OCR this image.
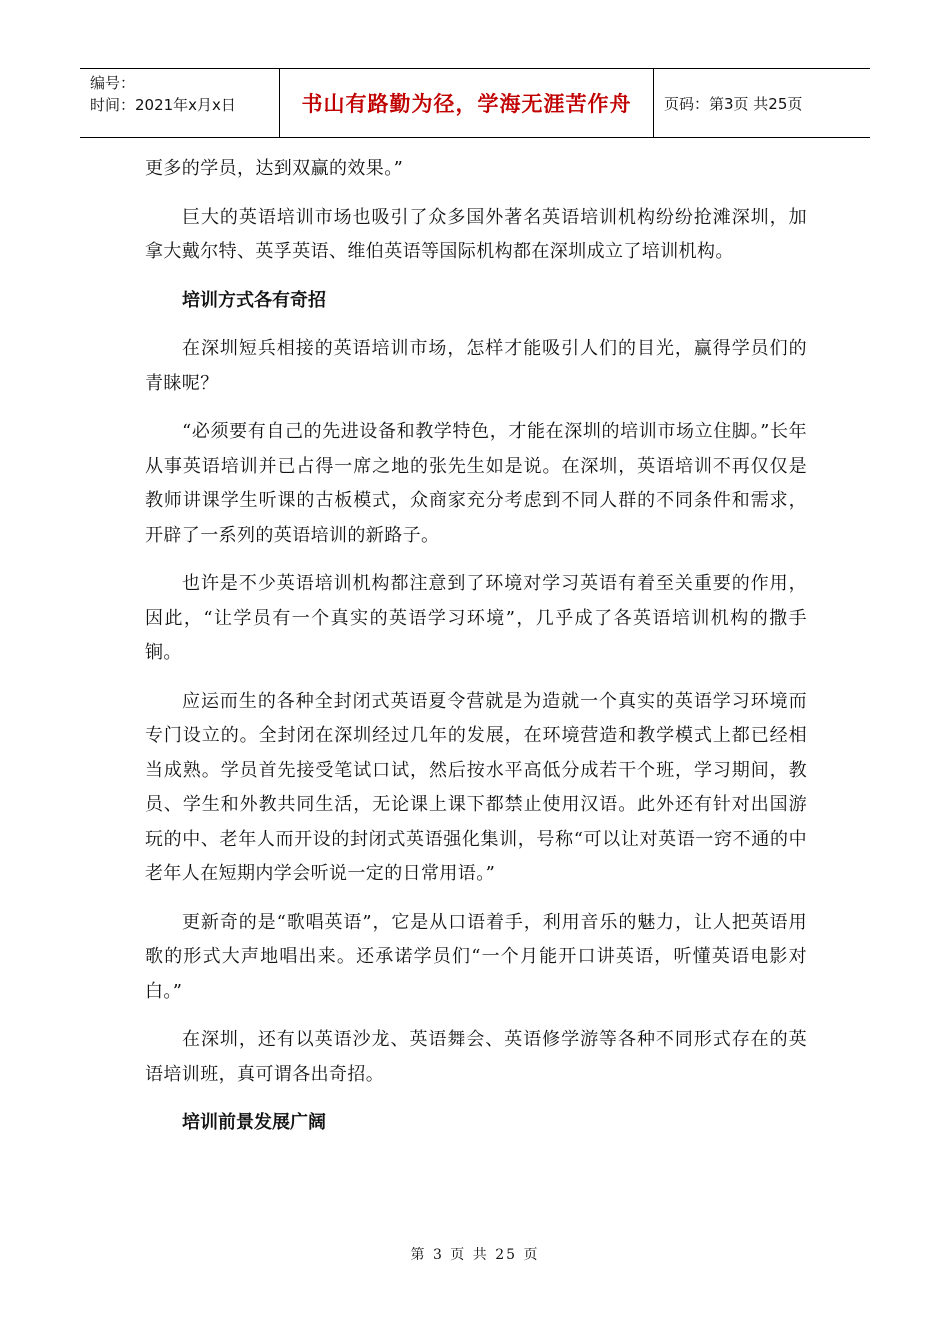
编号：
时间：2021年x月x日	书山有路勤为径，学海无涯苦作舟	页码：第3页 共25页

更多的学员，达到双赢的效果。”

巨大的英语培训市场也吸引了众多国外著名英语培训机构纷纷抢滩深圳，加拿大戴尔特、英孚英语、维伯英语等国际机构都在深圳成立了培训机构。

培训方式各有奇招

在深圳短兵相接的英语培训市场，怎样才能吸引人们的目光，赢得学员们的青睐呢？

“必须要有自己的先进设备和教学特色，才能在深圳的培训市场立住脚。”长年从事英语培训并已占得一席之地的张先生如是说。在深圳，英语培训不再仅仅是教师讲课学生听课的古板模式，众商家充分考虑到不同人群的不同条件和需求，开辟了一系列的英语培训的新路子。

也许是不少英语培训机构都注意到了环境对学习英语有着至关重要的作用，因此，“让学员有一个真实的英语学习环境”，几乎成了各英语培训机构的撒手锏。

应运而生的各种全封闭式英语夏令营就是为造就一个真实的英语学习环境而专门设立的。全封闭在深圳经过几年的发展，在环境营造和教学模式上都已经相当成熟。学员首先接受笔试口试，然后按水平高低分成若干个班，学习期间，教员、学生和外教共同生活，无论课上课下都禁止使用汉语。此外还有针对出国游玩的中、老年人而开设的封闭式英语强化集训，号称“可以让对英语一窍不通的中老年人在短期内学会听说一定的日常用语。”

更新奇的是“歌唱英语”，它是从口语着手，利用音乐的魅力，让人把英语用歌的形式大声地唱出来。还承诺学员们“一个月能开口讲英语，听懂英语电影对白。”

在深圳，还有以英语沙龙、英语舞会、英语修学游等各种不同形式存在的英语培训班，真可谓各出奇招。

培训前景发展广阔

第 3 页 共 25 页
